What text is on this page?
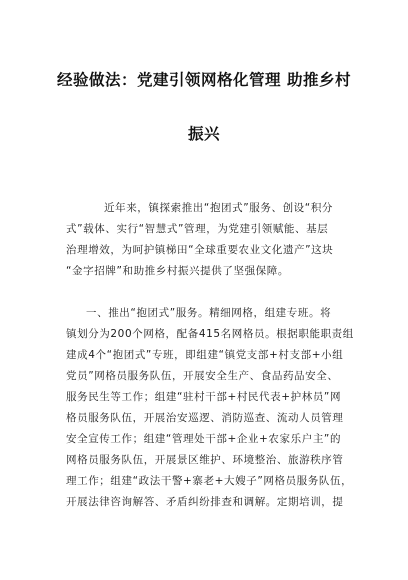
经验做法：党建引领网格化管理 助推乡村
振兴
近年来，镇探索推出“抱团式”服务、创设“积分
式”载体、实行“智慧式”管理，为党建引领赋能、基层
治理增效，为呵护镇梯田“全球重要农业文化遗产”这块
“金字招牌”和助推乡村振兴提供了坚强保障。
一、推出“抱团式”服务。精细网格，组建专班。将
镇划分为200个网格，配备415名网格员。根据职能职责组
建成4个“抱团式”专班，即组建“镇党支部+村支部+小组
党员”网格员服务队伍，开展安全生产、食品药品安全、
服务民生等工作；组建“驻村干部+村民代表+护林员”网
格员服务队伍，开展治安巡逻、消防巡查、流动人员管理
安全宣传工作；组建“管理处干部+企业+农家乐户主”的
网格员服务队伍，开展景区维护、环境整治、旅游秩序管
理工作；组建“政法干警+寨老+大嫂子”网格员服务队伍，
开展法律咨询解答、矛盾纠纷排查和调解。定期培训，提
